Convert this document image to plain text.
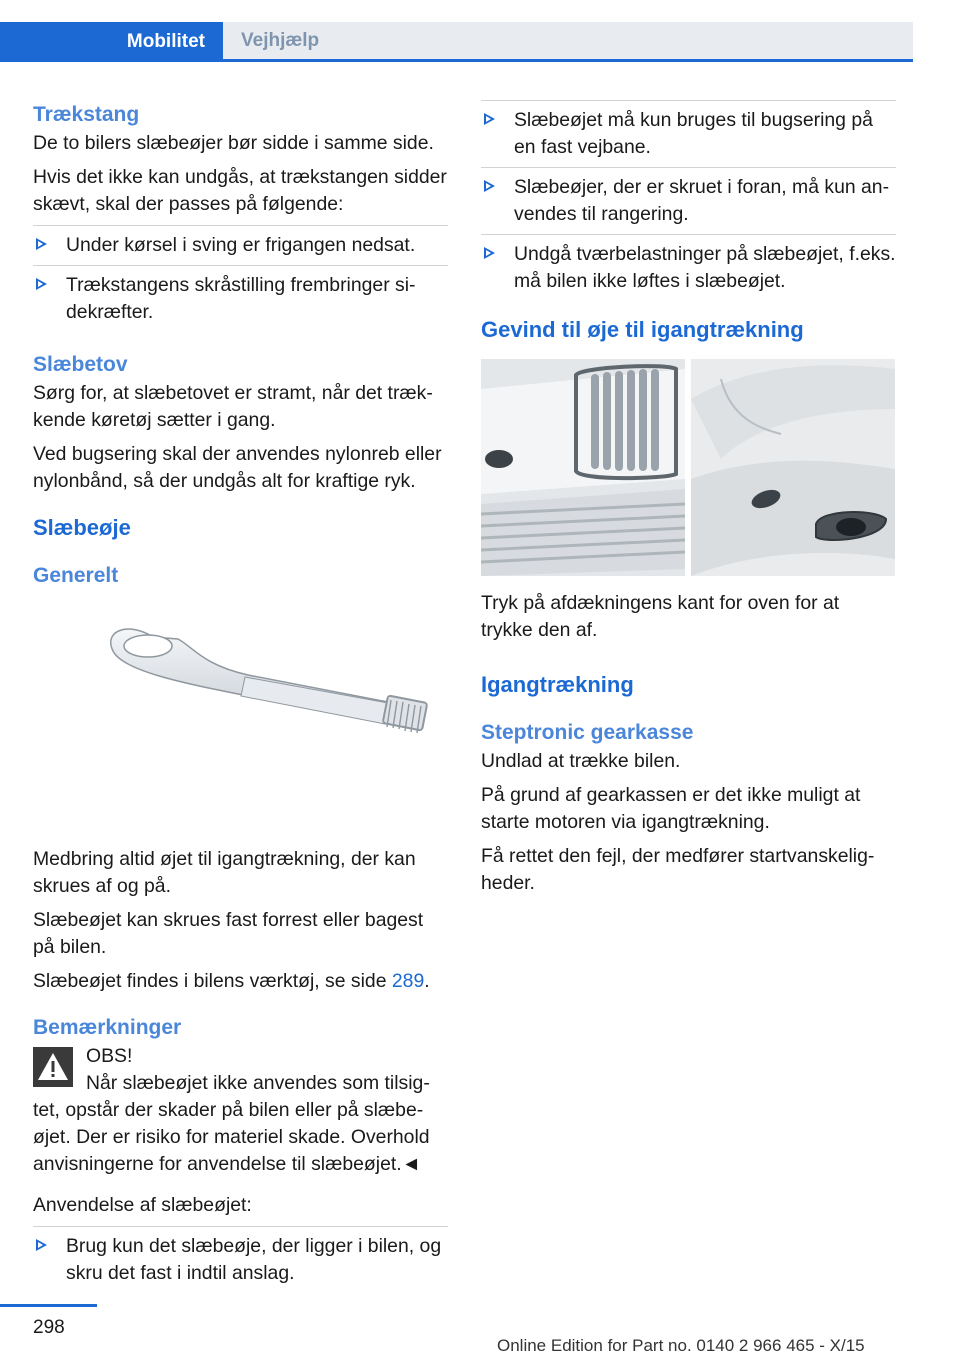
Mobilitet	Vejhjælp
Trækstang

De to bilers slæbeøjer bør sidde i samme side.

Hvis det ikke kan undgås, at trækstangen sidder skævt, skal der passes på følgende:

Under kørsel i sving er frigangen nedsat.
Trækstangens skråstilling frembringer sidekræfter.
Slæbetov

Sørg for, at slæbetovet er stramt, når det trækkende køretøj sætter i gang.

Ved bugsering skal der anvendes nylonreb eller nylonbånd, så der undgås alt for kraftige ryk.

Slæbeøje
Generelt

Medbring altid øjet til igangtrækning, der kan skrues af og på.

Slæbeøjet kan skrues fast forrest eller bagest på bilen.

Slæbeøjet findes i bilens værktøj, se side 289.

Bemærkninger

OBS!

Når slæbeøjet ikke anvendes som tilsigtet, opstår der skader på bilen eller på slæbeøjet. Der er risiko for materiel skade. Overhold anvisningerne for anvendelse til slæbeøjet.◄

Anvendelse af slæbeøjet:

Brug kun det slæbeøje, der ligger i bilen, og skru det fast i indtil anslag.
Slæbeøjet må kun bruges til bugsering på en fast vejbane.
Slæbeøjer, der er skruet i foran, må kun anvendes til rangering.
Undgå tværbelastninger på slæbeøjet, f.eks. må bilen ikke løftes i slæbeøjet.
Gevind til øje til igangtrækning

Tryk på afdækningens kant for oven for at trykke den af.

Igangtrækning
Steptronic gearkasse

Undlad at trække bilen.

På grund af gearkassen er det ikke muligt at starte motoren via igangtrækning.

Få rettet den fejl, der medfører startvanskeligheder.

298
Online Edition for Part no. 0140 2 966 465 - X/15
